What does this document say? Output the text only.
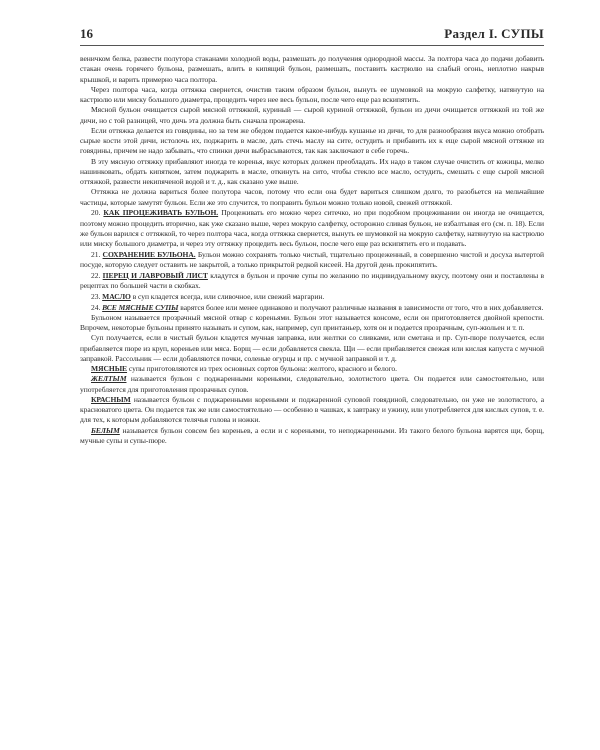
16	Раздел I. СУПЫ

веничком белка, развести полутора стаканами холодной воды, размешать до получения однородной массы. За полтора часа до подачи добавить стакан очень горячего бульона, размешать, влить в кипящий бульон, размешать, поставить кастрюлю на слабый огонь, неплотно накрыв крышкой, и варить примерно часа полтора.

Через полтора часа, когда оттяжка свернется, очистив таким образом бульон, вынуть ее шумовкой на мокрую салфетку, натянутую на кастрюлю или миску большого диаметра, процедить через нее весь бульон, после чего еще раз вскипятить.

Мясной бульон очищается сырой мясной оттяжкой, куриный — сырой куриной оттяжкой, бульон из дичи очищается оттяжкой из той же дичи, но с той разницей, что дичь эта должна быть сначала прожарена.

Если оттяжка делается из говядины, но за тем же обедом подается какое-нибудь кушанье из дичи, то для разнообразия вкуса можно отобрать сырые кости этой дичи, истолочь их, поджарить в масле, дать стечь маслу на сите, остудить и прибавить их к еще сырой мясной оттяжке из говядины, причем не надо забывать, что спинки дичи выбрасываются, так как заключают в себе горечь.

В эту мясную оттяжку прибавляют иногда те коренья, вкус которых должен преобладать. Их надо в таком случае очистить от кожицы, мелко нашинковать, обдать кипятком, затем поджарить в масле, откинуть на сито, чтобы стекло все масло, остудить, смешать с еще сырой мясной оттяжкой, развести некипяченой водой и т. д., как сказано уже выше.

Оттяжка не должна вариться более полутора часов, потому что если она будет вариться слишком долго, то разобьется на мельчайшие частицы, которые замутят бульон. Если же это случится, то поправить бульон можно только новой, свежей оттяжкой.

20. КАК ПРОЦЕЖИВАТЬ БУЛЬОН. Процеживать его можно через ситечко, но при подобном процеживании он иногда не очищается, поэтому можно процедить вторично, как уже сказано выше, через мокрую салфетку, осторожно сливая бульон, не взбалтывая его (см. п. 18). Если же бульон варился с оттяжкой, то через полтора часа, когда оттяжка свернется, вынуть ее шумовкой на мокрую салфетку, натянутую на кастрюлю или миску большого диаметра, и через эту оттяжку процедить весь бульон, после чего еще раз вскипятить его и подавать.

21. СОХРАНЕНИЕ БУЛЬОНА. Бульон можно сохранять только чистый, тщательно процеженный, в совершенно чистой и досуха вытертой посуде, которую следует оставить не закрытой, а только прикрытой редкой кисеей. На другой день прокипятить.

22. ПЕРЕЦ И ЛАВРОВЫЙ ЛИСТ кладутся в бульон и прочие супы по желанию по индивидуальному вкусу, поэтому они и поставлены в рецептах по большей части в скобках.

23. МАСЛО в суп кладется всегда, или сливочное, или свежий маргарин.

24. ВСЕ МЯСНЫЕ СУПЫ варятся более или менее одинаково и получают различные названия в зависимости от того, что в них добавляется.

Бульоном называется прозрачный мясной отвар с кореньями. Бульон этот называется консоме, если он приготовляется двойной крепости. Впрочем, некоторые бульоны принято называть и супом, как, например, суп принтаньер, хотя он и подается прозрачным, суп-жюльен и т. п.

Суп получается, если в чистый бульон кладется мучная заправка, или желтки со сливками, или сметана и пр. Суп-пюре получается, если прибавляется пюре из круп, кореньев или мяса. Борщ — если добавляется свекла. Щи — если прибавляется свежая или кислая капуста с мучной заправкой. Рассольник — если добавляются почки, соленые огурцы и пр. с мучной заправкой и т. д.

МЯСНЫЕ супы приготовляются из трех основных сортов бульона: желтого, красного и белого.

ЖЕЛТЫМ называется бульон с поджаренными кореньями, следовательно, золотистого цвета. Он подается или самостоятельно, или употребляется для приготовления прозрачных супов.

КРАСНЫМ называется бульон с поджаренными кореньями и поджаренной суповой говядиной, следовательно, он уже не золотистого, а красноватого цвета. Он подается так же или самостоятельно — особенно в чашках, к завтраку и ужину, или употребляется для кислых супов, т. е. для тех, к которым добавляются телячья голова и ножки.

БЕЛЫМ называется бульон совсем без кореньев, а если и с кореньями, то неподжаренными. Из такого белого бульона варятся щи, борщ, мучные супы и супы-пюре.
